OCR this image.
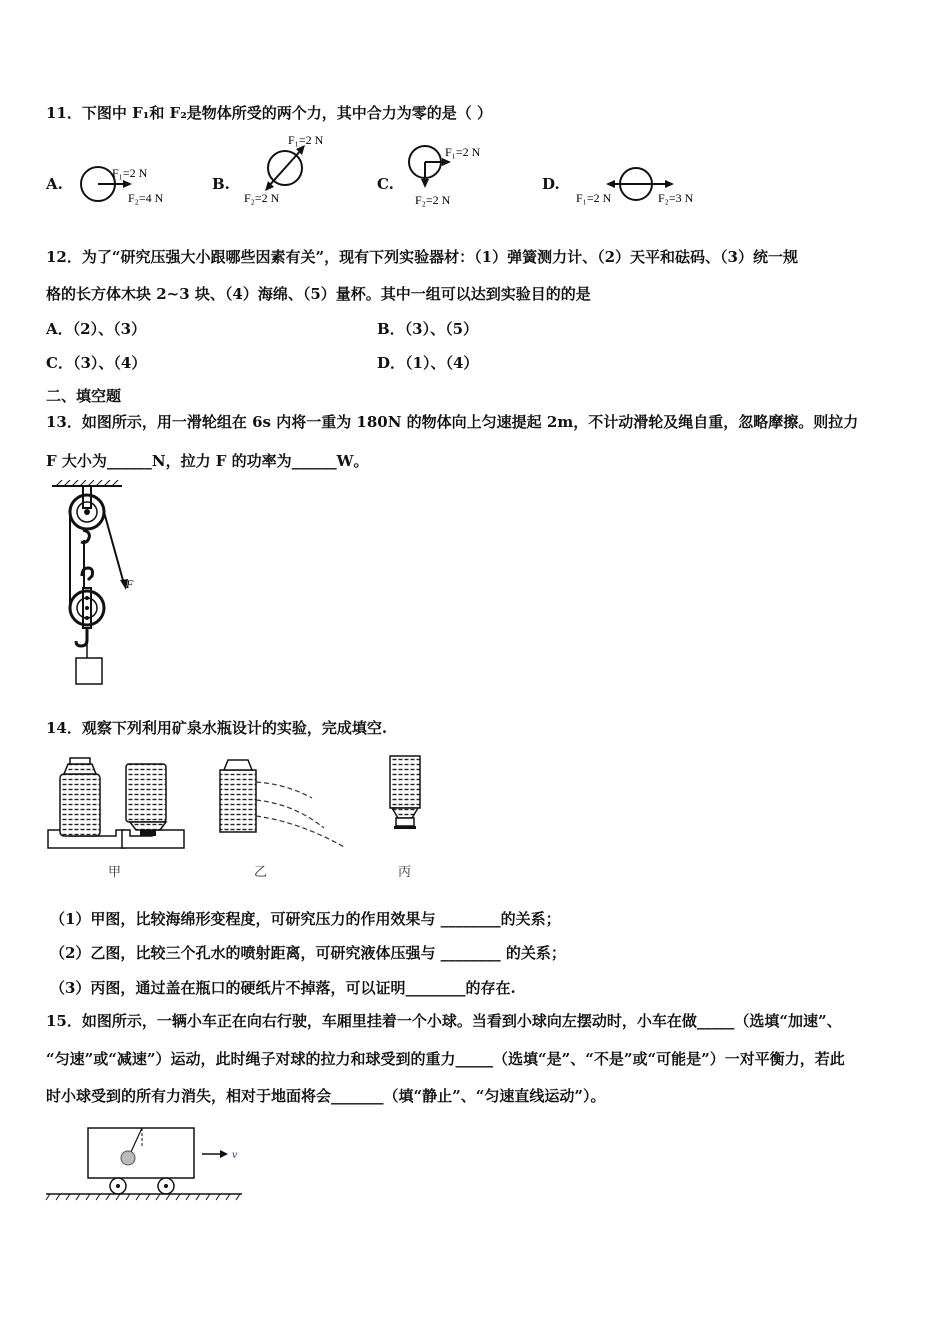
11．下图中 F₁和 F₂是物体所受的两个力，其中合力为零的是（ ）
A.
F₁=2 N
F₂=4 N
B.
F₁=2 N
F₂=2 N
C.
F₁=2 N
F₂=2 N
D.
F₁=2 N	F₂=3 N
12．为了“研究压强大小跟哪些因素有关”，现有下列实验器材：（1）弹簧测力计、（2）天平和砝码、（3）统一规
格的长方体木块 2~3 块、（4）海绵、（5）量杯。其中一组可以达到实验目的的是
A．（2）、（3）	B．（3）、（5）
C．（3）、（4）	D．（1）、（4）
二、填空题
13．如图所示，用一滑轮组在 6s 内将一重为 180N 的物体向上匀速提起 2m，不计动滑轮及绳自重，忽略摩擦。则拉力
F 大小为______N，拉力 F 的功率为______W。
F
14．观察下列利用矿泉水瓶设计的实验，完成填空.
甲	乙	丙
（1）甲图，比较海绵形变程度，可研究压力的作用效果与 ________的关系；
（2）乙图，比较三个孔水的喷射距离，可研究液体压强与 ________ 的关系；
（3）丙图，通过盖在瓶口的硬纸片不掉落，可以证明________的存在.
15．如图所示，一辆小车正在向右行驶，车厢里挂着一个小球。当看到小球向左摆动时，小车在做_____（选填“加速”、
“匀速”或“减速”）运动，此时绳子对球的拉力和球受到的重力_____（选填“是”、“不是”或“可能是”）一对平衡力，若此
时小球受到的所有力消失，相对于地面将会_______（填“静止”、“匀速直线运动”）。
v
